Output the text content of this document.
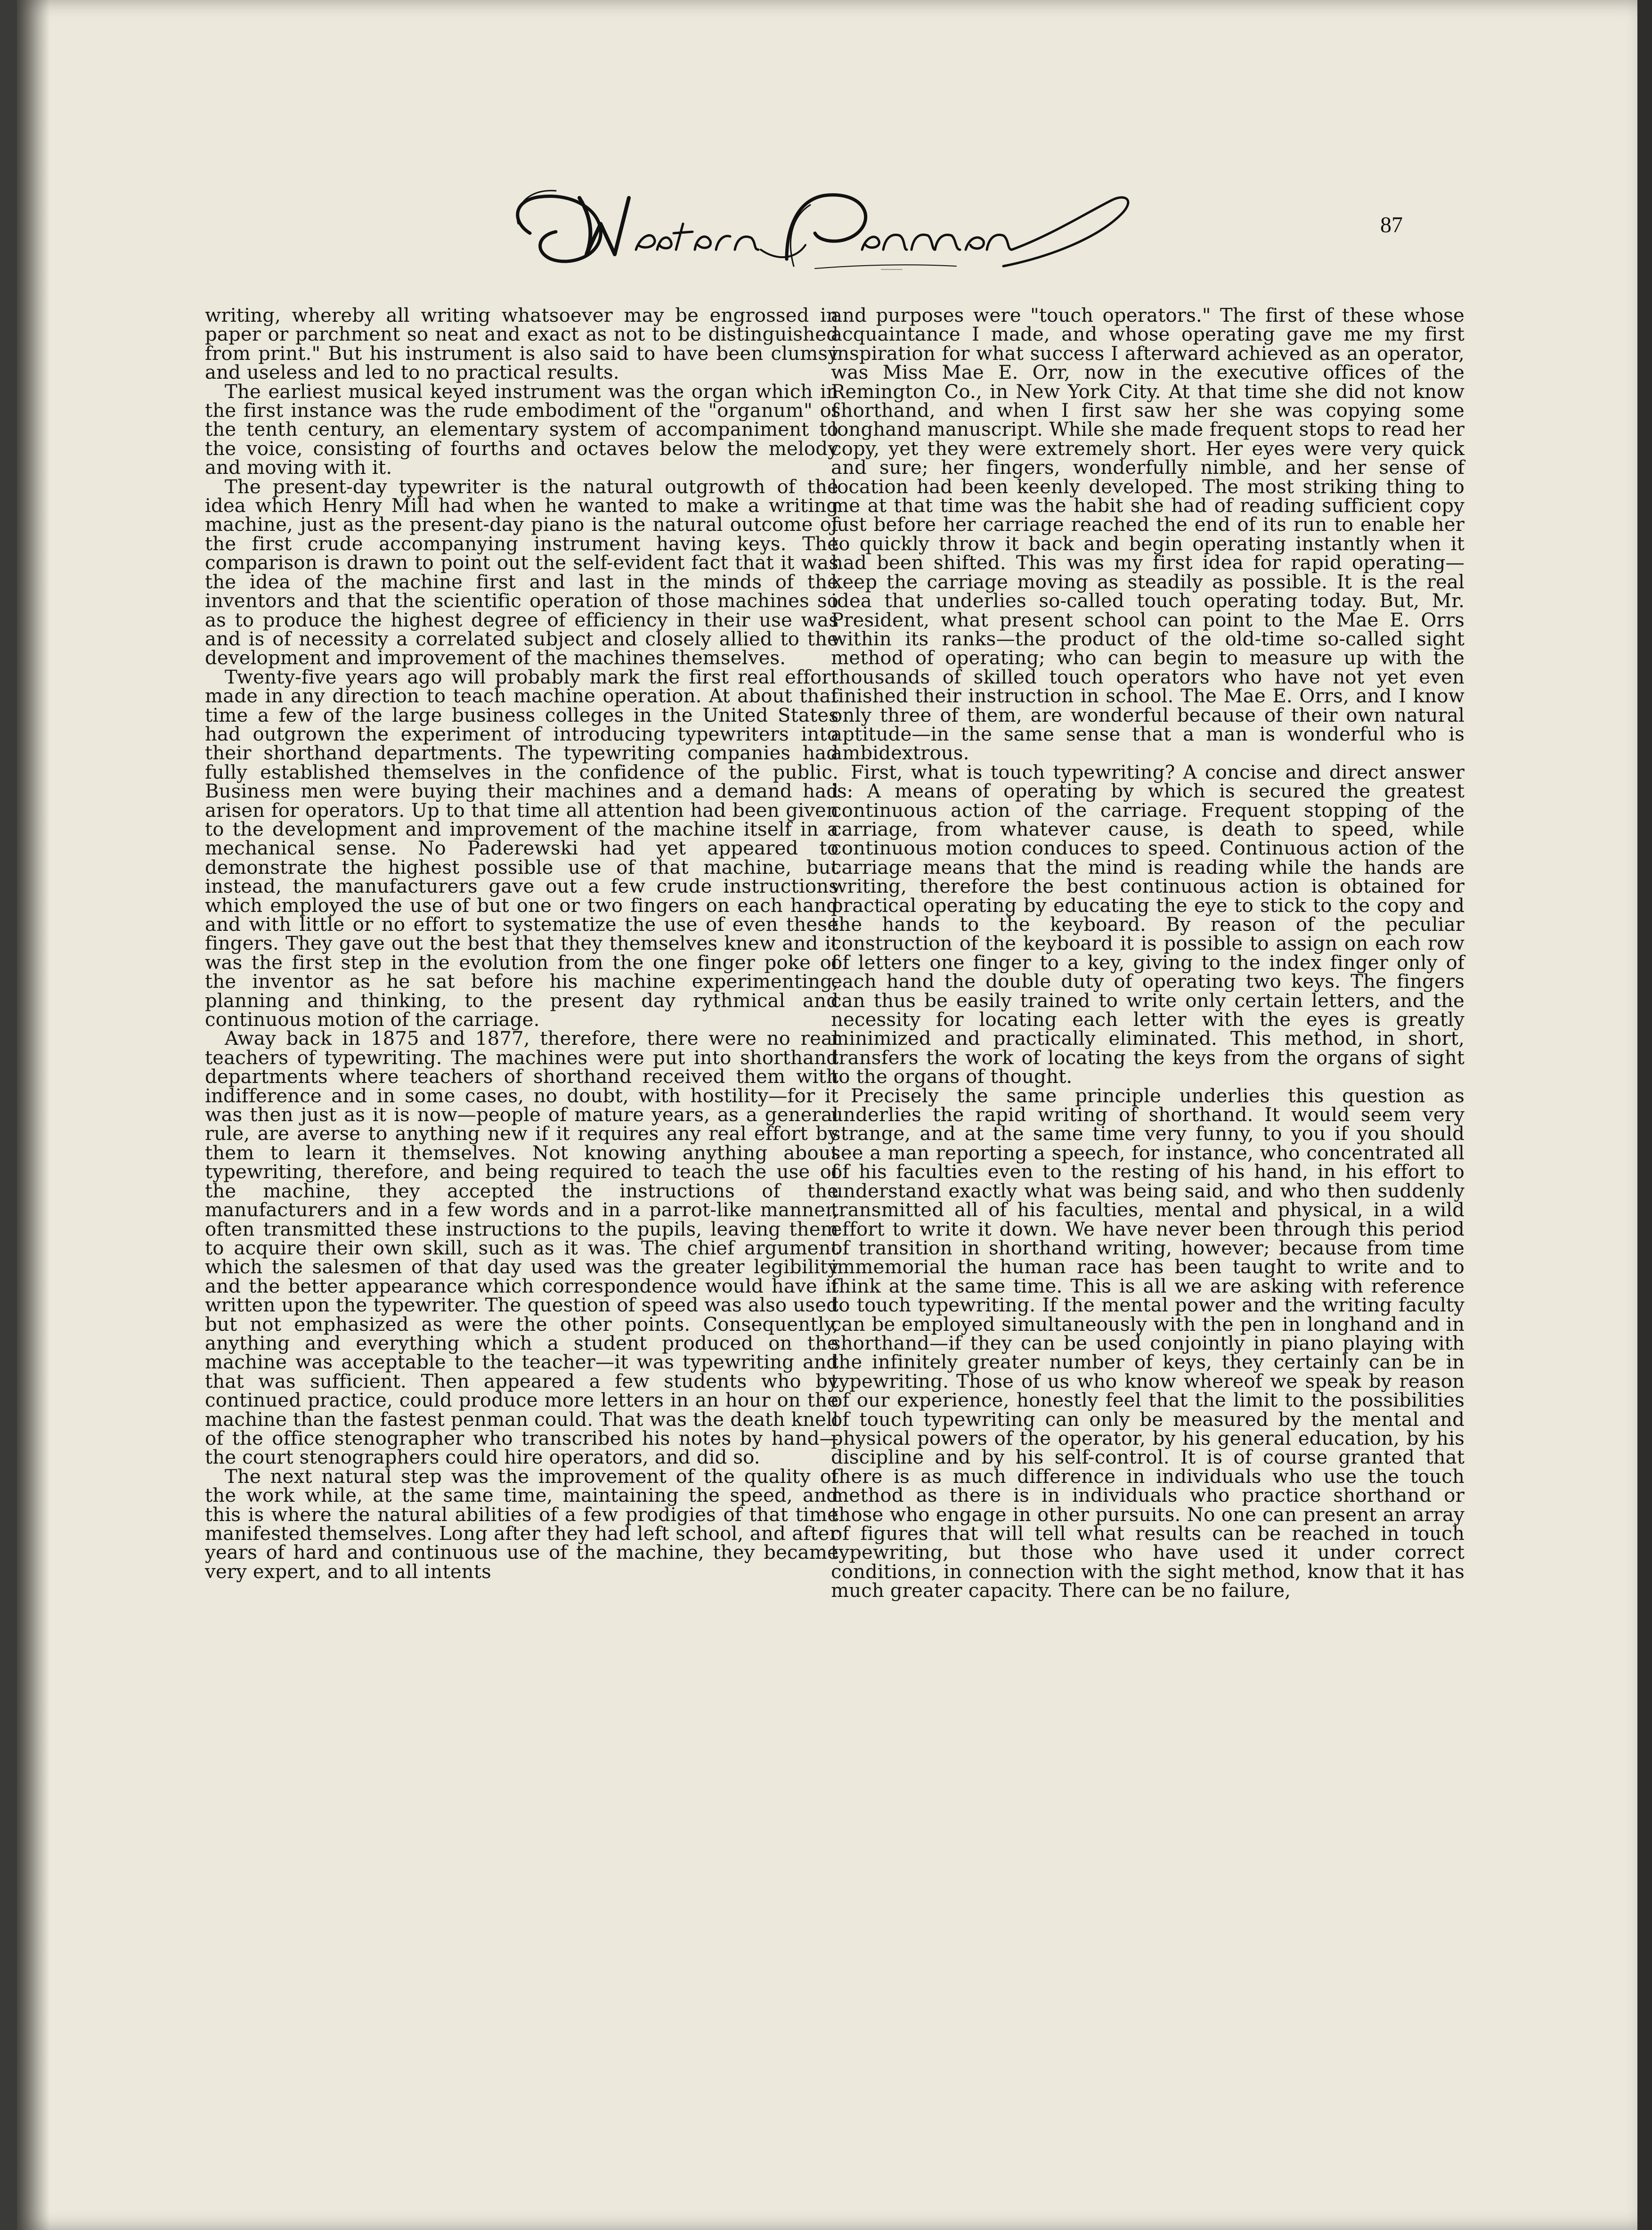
~~~~~~~
87

writing, whereby all writing whatsoever may be engrossed in paper or parchment so neat and exact as not to be distinguished from print." But his instrument is also said to have been clumsy and useless and led to no practical results.

The earliest musical keyed instrument was the organ which in the first instance was the rude embodiment of the "organum" of the tenth century, an elementary system of accompaniment to the voice, consisting of fourths and octaves below the melody and moving with it.

The present-day typewriter is the natural outgrowth of the idea which Henry Mill had when he wanted to make a writing machine, just as the present-day piano is the natural outcome of the first crude accompanying instrument having keys. The comparison is drawn to point out the self-evident fact that it was the idea of the machine first and last in the minds of the inventors and that the scientific operation of those machines so as to produce the highest degree of efficiency in their use was and is of necessity a correlated subject and closely allied to the development and improvement of the machines themselves.

Twenty-five years ago will probably mark the first real effort made in any direction to teach machine operation. At about that time a few of the large business colleges in the United States had outgrown the experiment of introducing typewriters into their shorthand departments. The typewriting companies had fully established themselves in the confidence of the public. Business men were buying their machines and a demand had arisen for operators. Up to that time all attention had been given to the development and improvement of the machine itself in a mechanical sense. No Paderewski had yet appeared to demonstrate the highest possible use of that machine, but instead, the manufacturers gave out a few crude instructions which employed the use of but one or two fingers on each hand and with little or no effort to systematize the use of even these fingers. They gave out the best that they themselves knew and it was the first step in the evolution from the one finger poke of the inventor as he sat before his machine experimenting, planning and thinking, to the present day rythmical and continuous motion of the carriage.

Away back in 1875 and 1877, therefore, there were no real teachers of typewriting. The machines were put into shorthand departments where teachers of shorthand received them with indifference and in some cases, no doubt, with hostility—for it was then just as it is now—people of mature years, as a general rule, are averse to anything new if it requires any real effort by them to learn it themselves. Not knowing anything about typewriting, therefore, and being required to teach the use of the machine, they accepted the instructions of the manufacturers and in a few words and in a parrot-like manner, often transmitted these instructions to the pupils, leaving them to acquire their own skill, such as it was. The chief argument which the salesmen of that day used was the greater legibility and the better appearance which correspondence would have if written upon the typewriter. The question of speed was also used but not emphasized as were the other points. Consequently, anything and everything which a student produced on the machine was acceptable to the teacher—it was typewriting and that was sufficient. Then appeared a few students who by continued practice, could produce more letters in an hour on the machine than the fastest penman could. That was the death knell of the office stenographer who transcribed his notes by hand—the court stenographers could hire operators, and did so.

The next natural step was the improvement of the quality of the work while, at the same time, maintaining the speed, and this is where the natural abilities of a few prodigies of that time manifested themselves. Long after they had left school, and after years of hard and continuous use of the machine, they became very expert, and to all intents

and purposes were "touch operators." The first of these whose acquaintance I made, and whose operating gave me my first inspiration for what success I afterward achieved as an operator, was Miss Mae E. Orr, now in the executive offices of the Remington Co., in New York City. At that time she did not know shorthand, and when I first saw her she was copying some longhand manuscript. While she made frequent stops to read her copy, yet they were extremely short. Her eyes were very quick and sure; her fingers, wonderfully nimble, and her sense of location had been keenly developed. The most striking thing to me at that time was the habit she had of reading sufficient copy just before her carriage reached the end of its run to enable her to quickly throw it back and begin operating instantly when it had been shifted. This was my first idea for rapid operating—keep the carriage moving as steadily as possible. It is the real idea that underlies so-called touch operating today. But, Mr. President, what present school can point to the Mae E. Orrs within its ranks—the product of the old-time so-called sight method of operating; who can begin to measure up with the thousands of skilled touch operators who have not yet even finished their instruction in school. The Mae E. Orrs, and I know only three of them, are wonderful because of their own natural aptitude—in the same sense that a man is wonderful who is ambidextrous.

First, what is touch typewriting? A concise and direct answer is: A means of operating by which is secured the greatest continuous action of the carriage. Frequent stopping of the carriage, from whatever cause, is death to speed, while continuous motion conduces to speed. Continuous action of the carriage means that the mind is reading while the hands are writing, therefore the best continuous action is obtained for practical operating by educating the eye to stick to the copy and the hands to the keyboard. By reason of the peculiar construction of the keyboard it is possible to assign on each row of letters one finger to a key, giving to the index finger only of each hand the double duty of operating two keys. The fingers can thus be easily trained to write only certain letters, and the necessity for locating each letter with the eyes is greatly minimized and practically eliminated. This method, in short, transfers the work of locating the keys from the organs of sight to the organs of thought.

Precisely the same principle underlies this question as underlies the rapid writing of shorthand. It would seem very strange, and at the same time very funny, to you if you should see a man reporting a speech, for instance, who concentrated all of his faculties even to the resting of his hand, in his effort to understand exactly what was being said, and who then suddenly transmitted all of his faculties, mental and physical, in a wild effort to write it down. We have never been through this period of transition in shorthand writing, however; because from time immemorial the human race has been taught to write and to think at the same time. This is all we are asking with reference to touch typewriting. If the mental power and the writing faculty can be employed simultaneously with the pen in longhand and in shorthand—if they can be used conjointly in piano playing with the infinitely greater number of keys, they certainly can be in typewriting. Those of us who know whereof we speak by reason of our experience, honestly feel that the limit to the possibilities of touch typewriting can only be measured by the mental and physical powers of the operator, by his general education, by his discipline and by his self-control. It is of course granted that there is as much difference in individuals who use the touch method as there is in individuals who practice shorthand or those who engage in other pursuits. No one can present an array of figures that will tell what results can be reached in touch typewriting, but those who have used it under correct conditions, in connection with the sight method, know that it has much greater capacity. There can be no failure,
